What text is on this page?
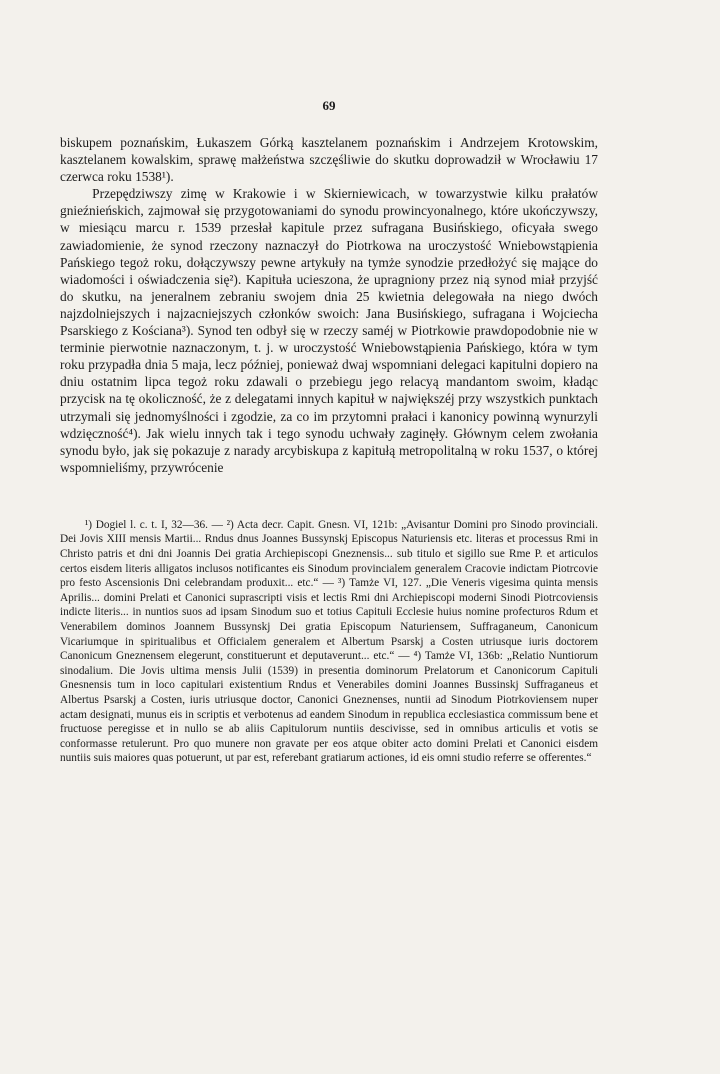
69

biskupem poznańskim, Łukaszem Górką kasztelanem poznańskim i Andrzejem Krotowskim, kasztelanem kowalskim, sprawę małżeństwa szczęśliwie do skutku doprowadził w Wrocławiu 17 czerwca roku 1538¹).

Przepędziwszy zimę w Krakowie i w Skierniewicach, w towarzystwie kilku prałatów gnieźnieńskich, zajmował się przygotowaniami do synodu prowincyonalnego, które ukończywszy, w miesiącu marcu r. 1539 przesłał kapitule przez sufragana Busińskiego, oficyała swego zawiadomienie, że synod rzeczony naznaczył do Piotrkowa na uroczystość Wniebowstąpienia Pańskiego tegoż roku, dołączywszy pewne artykuły na tymże synodzie przedłożyć się mające do wiadomości i oświadczenia się²). Kapituła ucieszona, że upragniony przez nią synod miał przyjść do skutku, na jeneralnem zebraniu swojem dnia 25 kwietnia delegowała na niego dwóch najzdolniejszych i najzacniejszych członków swoich: Jana Busińskiego, sufragana i Wojciecha Psarskiego z Kościana³). Synod ten odbył się w rzeczy saméj w Piotrkowie prawdopodobnie nie w terminie pierwotnie naznaczonym, t. j. w uroczystość Wniebowstąpienia Pańskiego, która w tym roku przypadła dnia 5 maja, lecz później, ponieważ dwaj wspomniani delegaci kapitulni dopiero na dniu ostatnim lipca tegoż roku zdawali o przebiegu jego relacyą mandantom swoim, kładąc przycisk na tę okoliczność, że z delegatami innych kapituł w największéj przy wszystkich punktach utrzymali się jednomyślności i zgodzie, za co im przytomni prałaci i kanonicy powinną wynurzyli wdzięczność⁴). Jak wielu innych tak i tego synodu uchwały zaginęły. Głównym celem zwołania synodu było, jak się pokazuje z narady arcybiskupa z kapitułą metropolitalną w roku 1537, o której wspomnieliśmy, przywrócenie

¹) Dogiel l. c. t. I, 32—36. — ²) Acta decr. Capit. Gnesn. VI, 121b: „Avisantur Domini pro Sinodo provinciali. Dei Jovis XIII mensis Martii... Rndus dnus Joannes Bussynskj Episcopus Naturiensis etc. literas et processus Rmi in Christo patris et dni dni Joannis Dei gratia Archiepiscopi Gneznensis... sub titulo et sigillo sue Rme P. et articulos certos eisdem literis alligatos inclusos notificantes eis Sinodum provincialem generalem Cracovie indictam Piotrcovie pro festo Ascensionis Dni celebrandam produxit... etc.“ — ³) Tamże VI, 127. „Die Veneris vigesima quinta mensis Aprilis... domini Prelati et Canonici suprascripti visis et lectis Rmi dni Archiepiscopi moderni Sinodi Piotrcoviensis indicte literis... in nuntios suos ad ipsam Sinodum suo et totius Capituli Ecclesie huius nomine profecturos Rdum et Venerabilem dominos Joannem Bussynskj Dei gratia Episcopum Naturiensem, Suffraganeum, Canonicum Vicariumque in spiritualibus et Officialem generalem et Albertum Psarskj a Costen utriusque iuris doctorem Canonicum Gneznensem elegerunt, constituerunt et deputaverunt... etc.“ — ⁴) Tamże VI, 136b: „Relatio Nuntiorum sinodalium. Die Jovis ultima mensis Julii (1539) in presentia dominorum Prelatorum et Canonicorum Capituli Gnesnensis tum in loco capitulari existentium Rndus et Venerabiles domini Joannes Bussinskj Suffraganeus et Albertus Psarskj a Costen, iuris utriusque doctor, Canonici Gneznenses, nuntii ad Sinodum Piotrkoviensem nuper actam designati, munus eis in scriptis et verbotenus ad eandem Sinodum in republica ecclesiastica commissum bene et fructuose peregisse et in nullo se ab aliis Capitulorum nuntiis descivisse, sed in omnibus articulis et votis se conformasse retulerunt. Pro quo munere non gravate per eos atque obiter acto domini Prelati et Canonici eisdem nuntiis suis maiores quas potuerunt, ut par est, referebant gratiarum actiones, id eis omni studio referre se offerentes.“
